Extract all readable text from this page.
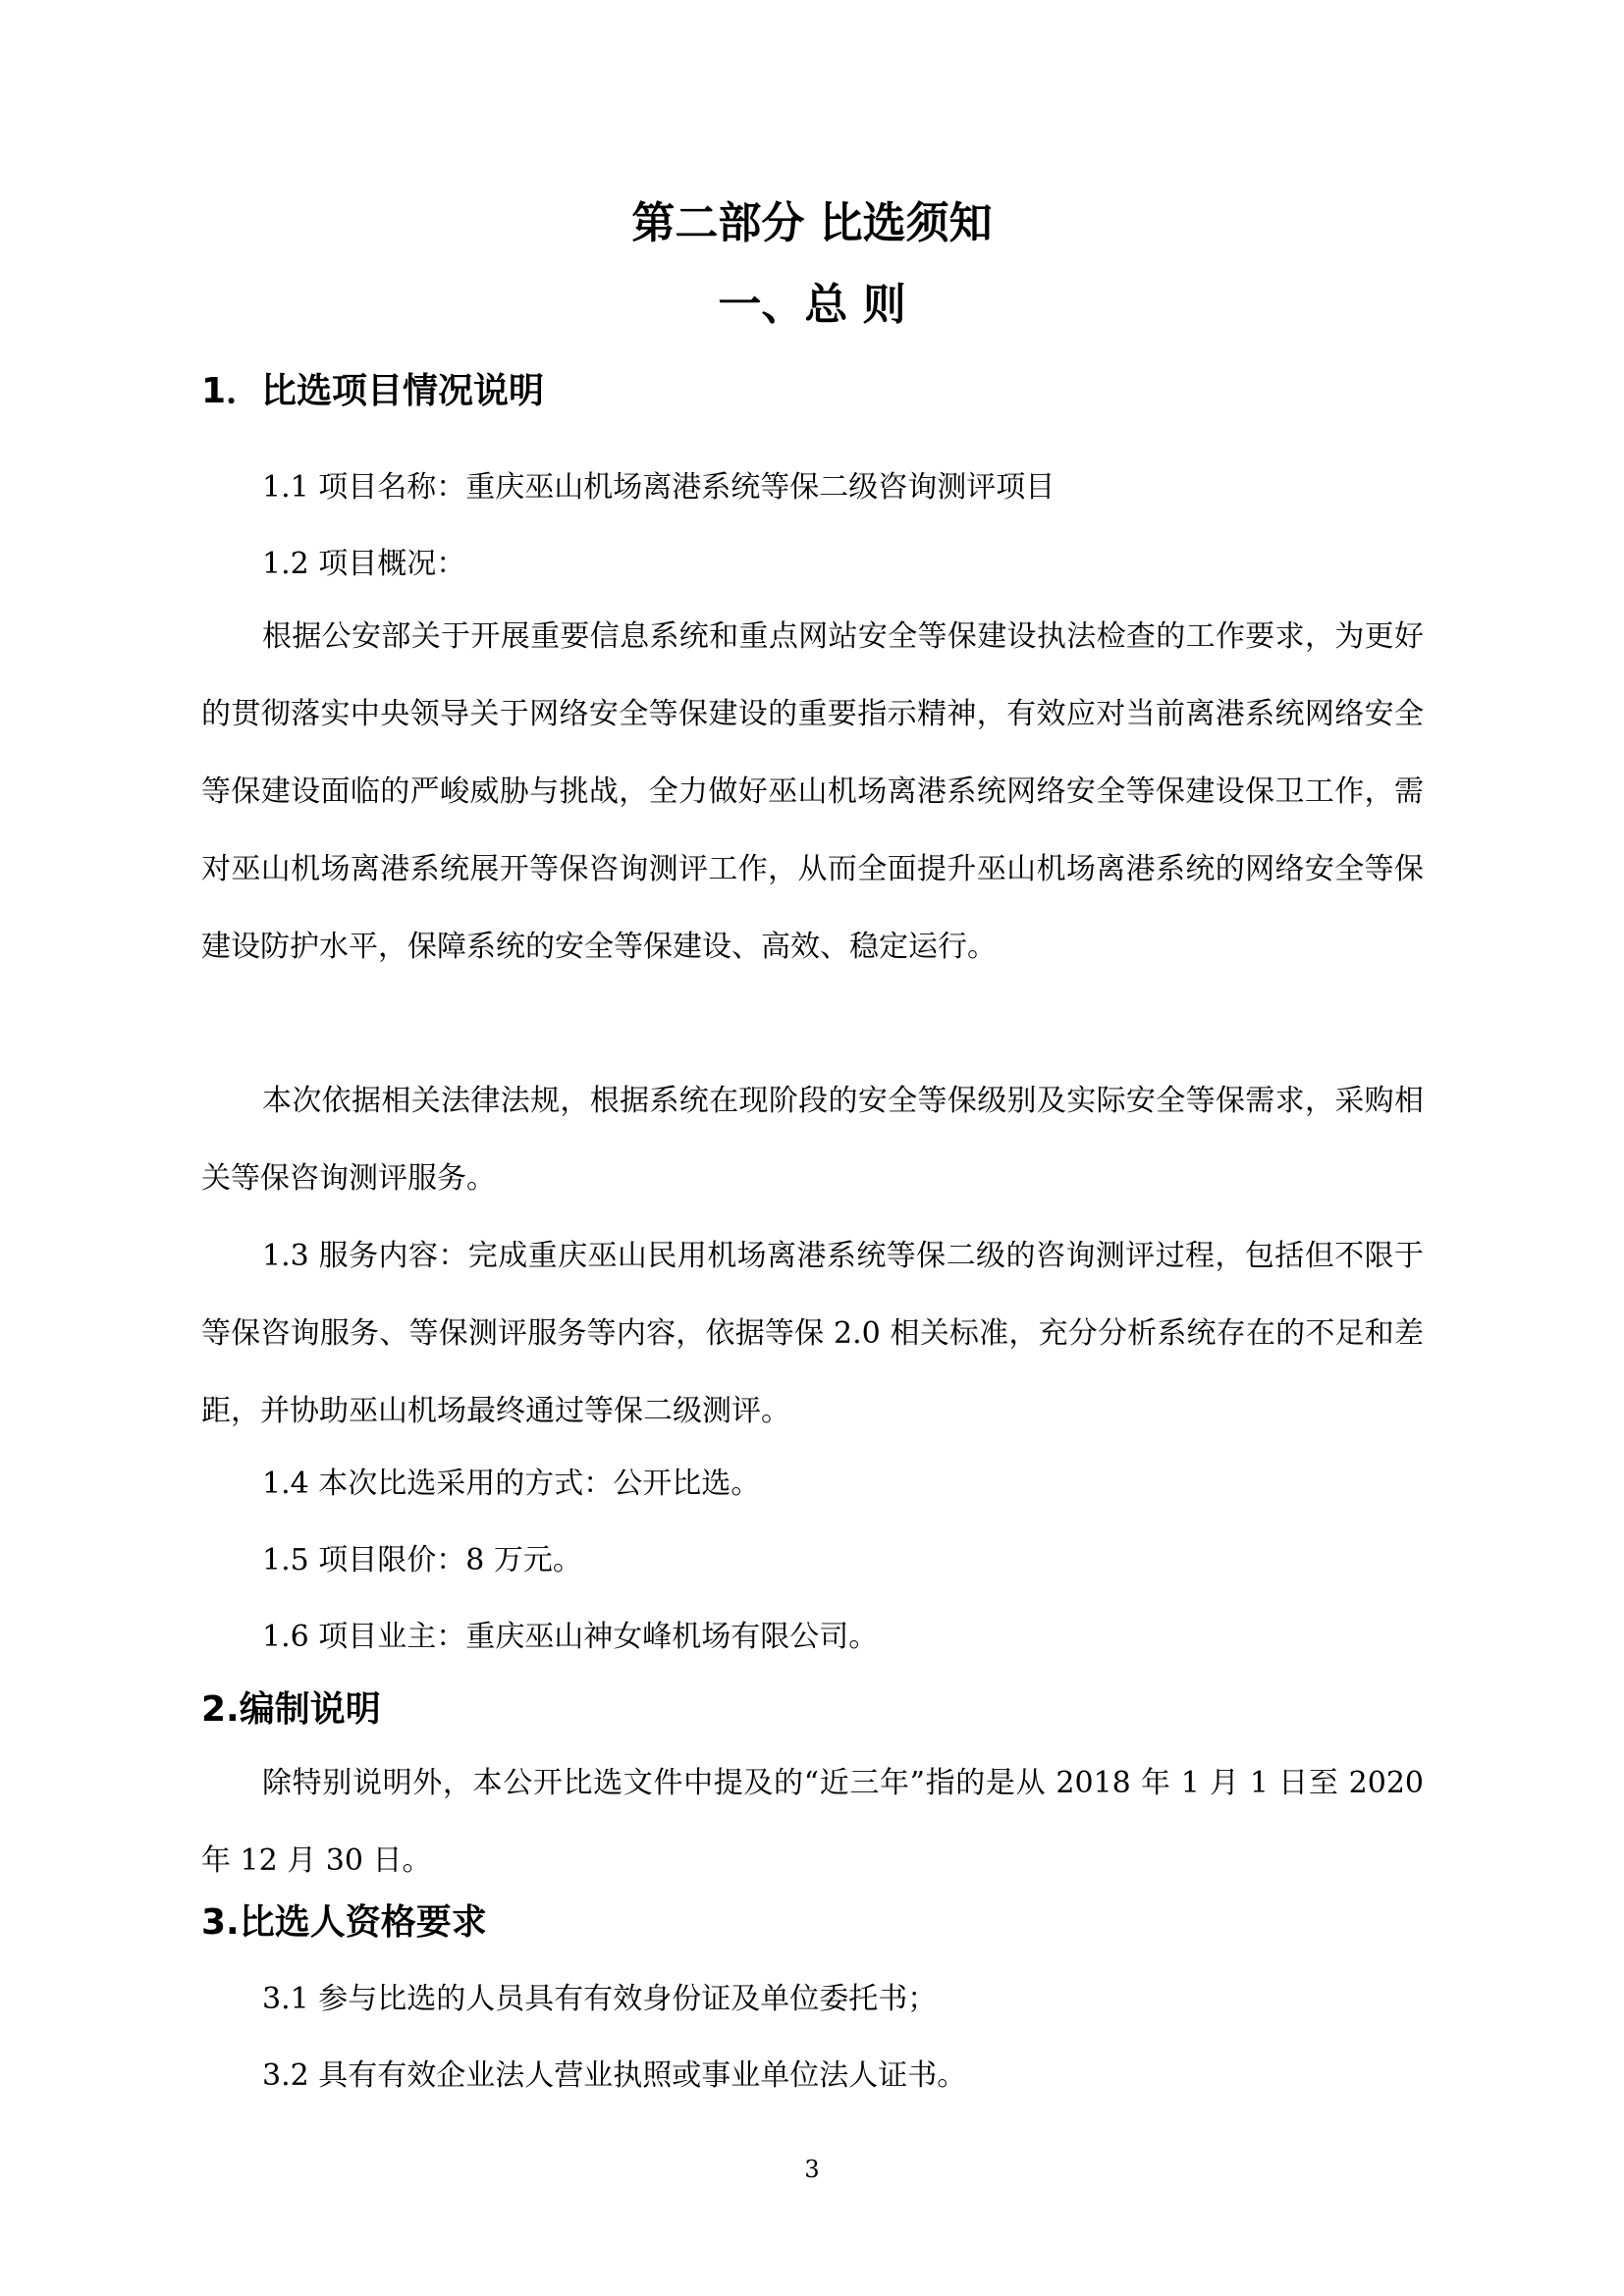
第二部分 比选须知
一、总 则
1．比选项目情况说明

1.1 项目名称：重庆巫山机场离港系统等保二级咨询测评项目

1.2 项目概况：

根据公安部关于开展重要信息系统和重点网站安全等保建设执法检查的工作要求，为更好的贯彻落实中央领导关于网络安全等保建设的重要指示精神，有效应对当前离港系统网络安全等保建设面临的严峻威胁与挑战，全力做好巫山机场离港系统网络安全等保建设保卫工作，需对巫山机场离港系统展开等保咨询测评工作，从而全面提升巫山机场离港系统的网络安全等保建设防护水平，保障系统的安全等保建设、高效、稳定运行。

本次依据相关法律法规，根据系统在现阶段的安全等保级别及实际安全等保需求，采购相关等保咨询测评服务。

1.3 服务内容：完成重庆巫山民用机场离港系统等保二级的咨询测评过程，包括但不限于等保咨询服务、等保测评服务等内容，依据等保 2.0 相关标准，充分分析系统存在的不足和差距，并协助巫山机场最终通过等保二级测评。

1.4 本次比选采用的方式：公开比选。

1.5 项目限价：8 万元。

1.6 项目业主：重庆巫山神女峰机场有限公司。

2.编制说明

除特别说明外，本公开比选文件中提及的“近三年”指的是从 2018 年 1 月 1 日至 2020 年 12 月 30 日。

3.比选人资格要求

3.1 参与比选的人员具有有效身份证及单位委托书；

3.2 具有有效企业法人营业执照或事业单位法人证书。

3
